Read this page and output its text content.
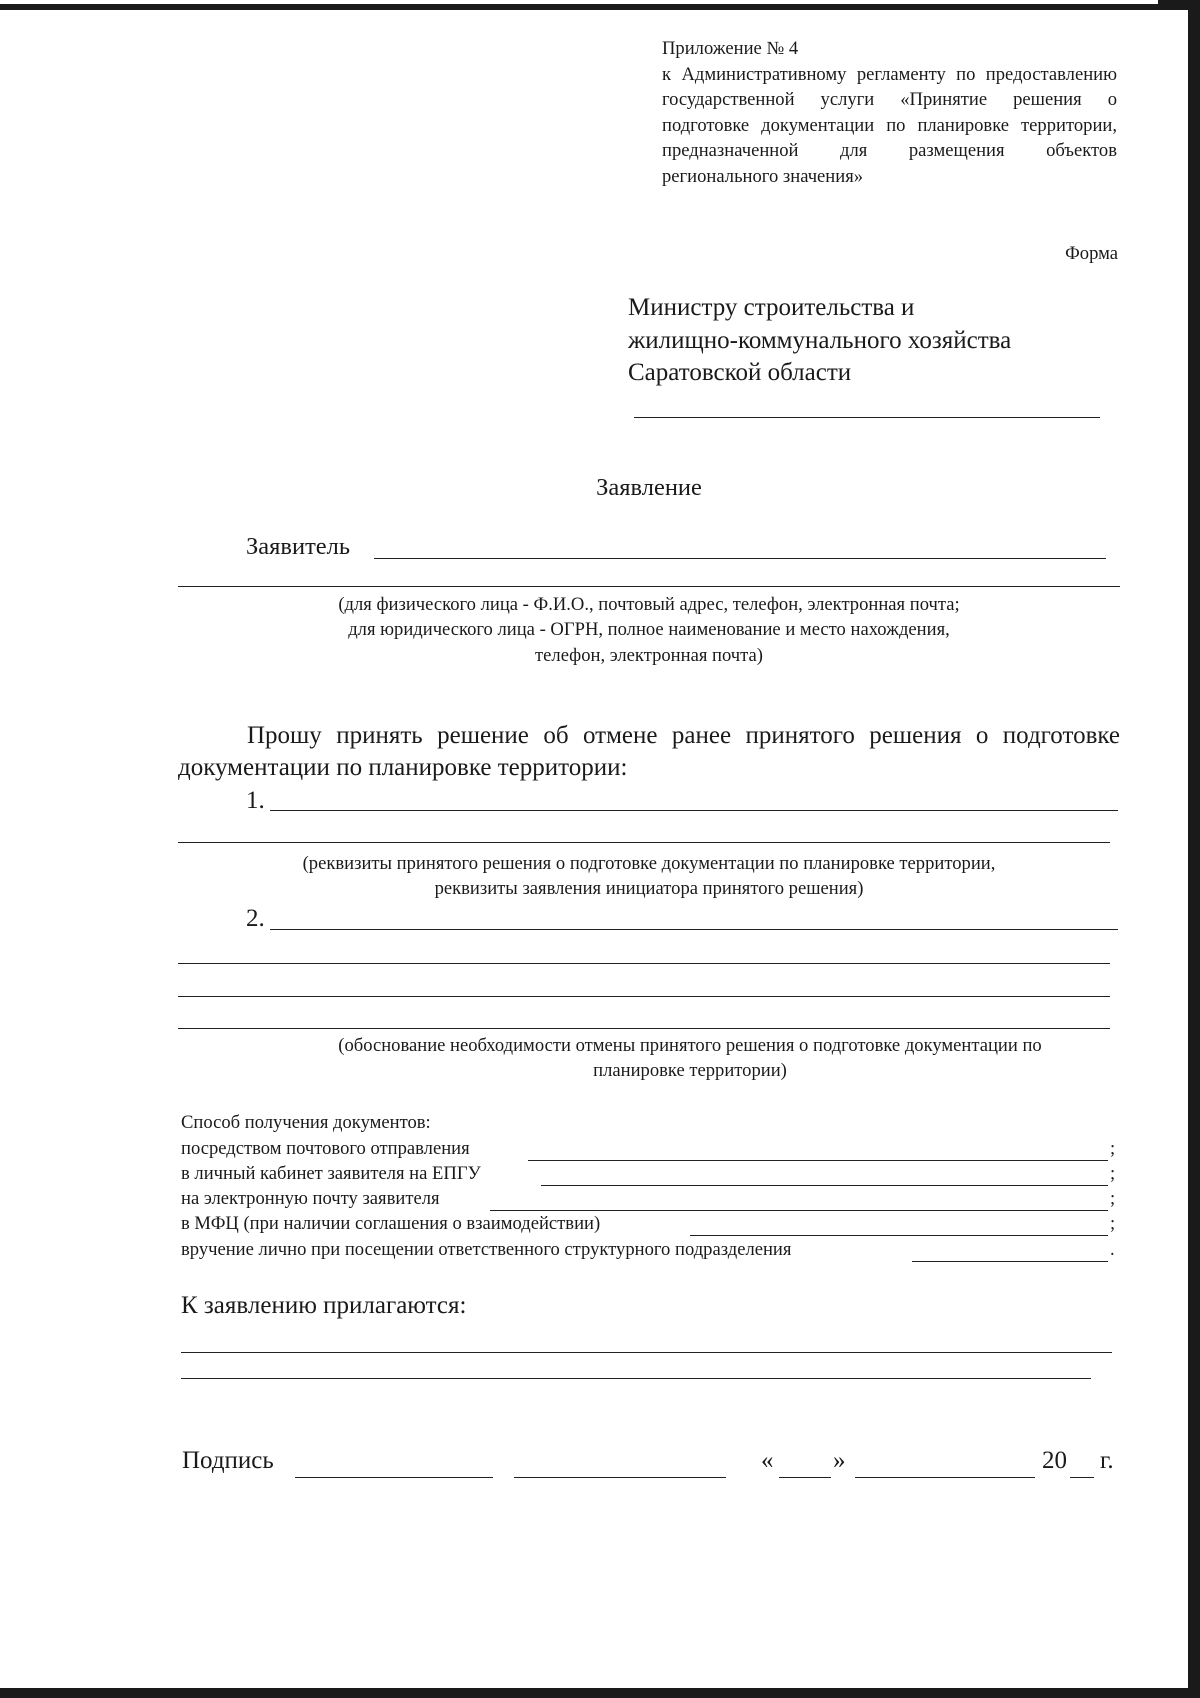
Приложение № 4
к Административному регламенту по предоставлению государственной услуги «Принятие решения о подготовке документации по планировке территории, предназначенной для размещения объектов регионального значения»
Форма
Министру строительства и
жилищно-коммунального хозяйства
Саратовской области
Заявление
Заявитель
(для физического лица - Ф.И.О., почтовый адрес, телефон, электронная почта;
для юридического лица - ОГРН, полное наименование и место нахождения,
телефон, электронная почта)
Прошу принять решение об отмене ранее принятого решения о подготовке документации по планировке территории:
1.
(реквизиты принятого решения о подготовке документации по планировке территории,
реквизиты заявления инициатора принятого решения)
2.
(обоснование необходимости отмены принятого решения о подготовке документации по
планировке территории)
Способ получения документов:
посредством почтового отправления	;
в личный кабинет заявителя на ЕПГУ	;
на электронную почту заявителя	;
в МФЦ (при наличии соглашения о взаимодействии)	;
вручение лично при посещении ответственного структурного подразделения	.
К заявлению прилагаются:
Подпись	« »	20 г.
